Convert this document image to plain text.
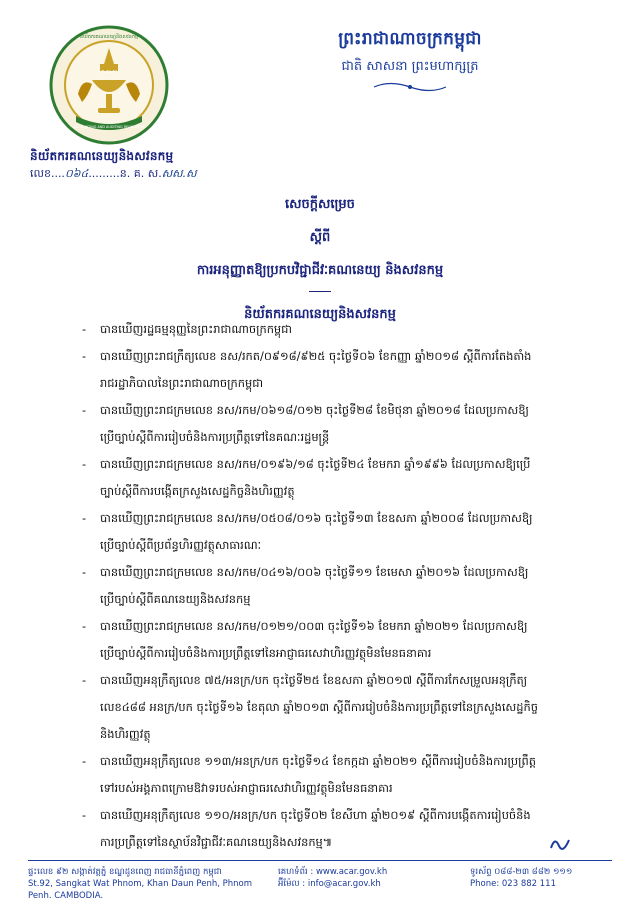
គ.ស.ស
ACCOUNTING AND AUDITING REGULATOR
និយ័តករគណនេយ្យនិងសវនកម្ម
និយ័តករគណនេយ្យនិងសវនកម្ម
លេខ....០៦៤.........ន. គ. ស.សស.ស
ព្រះរាជាណាចក្រកម្ពុជា
ជាតិ សាសនា ព្រះមហាក្សត្រ
សេចក្តីសម្រេច
ស្តីពី
ការអនុញ្ញាតឱ្យប្រកបវិជ្ជាជីវៈគណនេយ្យ និងសវនកម្ម
និយ័តករគណនេយ្យនិងសវនកម្ម
- បានឃើញរដ្ឋធម្មនុញ្ញនៃព្រះរាជាណាចក្រកម្ពុជា
- បានឃើញព្រះរាជក្រឹត្យលេខ នស/រកត/០៩១៨/៩២៥ ចុះថ្ងៃទី០៦ ខែកញ្ញា ឆ្នាំ២០១៨ ស្តីពីការតែងតាំង
រាជរដ្ឋាភិបាលនៃព្រះរាជាណាចក្រកម្ពុជា
- បានឃើញព្រះរាជក្រមលេខ នស/រកម/០៦១៨/០១២ ចុះថ្ងៃទី២៨ ខែមិថុនា ឆ្នាំ២០១៨ ដែលប្រកាសឱ្យ
ប្រើច្បាប់ស្តីពីការរៀបចំនិងការប្រព្រឹត្តទៅនៃគណៈរដ្ឋមន្ត្រី
- បានឃើញព្រះរាជក្រមលេខ នស/រកម/០១៩៦/១៨ ចុះថ្ងៃទី២៤ ខែមករា ឆ្នាំ១៩៩៦ ដែលប្រកាសឱ្យប្រើ
ច្បាប់ស្តីពីការបង្កើតក្រសួងសេដ្ឋកិច្ចនិងហិរញ្ញវត្ថុ
- បានឃើញព្រះរាជក្រមលេខ នស/រកម/០៥០៨/០១៦ ចុះថ្ងៃទី១៣ ខែឧសភា ឆ្នាំ២០០៨ ដែលប្រកាសឱ្យ
ប្រើច្បាប់ស្តីពីប្រព័ន្ធហិរញ្ញវត្ថុសាធារណៈ
- បានឃើញព្រះរាជក្រមលេខ នស/រកម/០៤១៦/០០៦ ចុះថ្ងៃទី១១ ខែមេសា ឆ្នាំ២០១៦ ដែលប្រកាសឱ្យ
ប្រើច្បាប់ស្តីពីគណនេយ្យនិងសវនកម្ម
- បានឃើញព្រះរាជក្រមលេខ នស/រកម/០១២១/០០៣ ចុះថ្ងៃទី១៦ ខែមករា ឆ្នាំ២០២១ ដែលប្រកាសឱ្យ
ប្រើច្បាប់ស្តីពីការរៀបចំនិងការប្រព្រឹត្តទៅនៃអាជ្ញាធរសេវាហិរញ្ញវត្ថុមិនមែនធនាគារ
- បានឃើញអនុក្រឹត្យលេខ ៧៥/អនក្រ/បក ចុះថ្ងៃទី២៥ ខែឧសភា ឆ្នាំ២០១៧ ស្តីពីការកែសម្រួលអនុក្រឹត្យ
លេខ៤៨៨ អនក្រ/បក ចុះថ្ងៃទី១៦ ខែតុលា ឆ្នាំ២០១៣ ស្តីពីការរៀបចំនិងការប្រព្រឹត្តទៅនៃក្រសួងសេដ្ឋកិច្ច
និងហិរញ្ញវត្ថុ
- បានឃើញអនុក្រឹត្យលេខ ១១៣/អនក្រ/បក ចុះថ្ងៃទី១៤ ខែកក្កដា ឆ្នាំ២០២១ ស្តីពីការរៀបចំនិងការប្រព្រឹត្ត
ទៅរបស់អង្គភាពក្រោមឱវាទរបស់អាជ្ញាធរសេវាហិរញ្ញវត្ថុមិនមែនធនាគារ
- បានឃើញអនុក្រឹត្យលេខ ១១០/អនក្រ/បក ចុះថ្ងៃទី០២ ខែសីហា ឆ្នាំ២០១៩ ស្តីពីការបង្កើតការរៀបចំនិង
ការប្រព្រឹត្តទៅនៃស្ថាប័នវិជ្ជាជីវៈគណនេយ្យនិងសវនកម្ម៕
ផ្ទះលេខ ៩២ សង្កាត់វត្តភ្នំ ខណ្ឌដូនពេញ រាជធានីភ្នំពេញ កម្ពុជា
St.92, Sangkat Wat Phnom, Khan Daun Penh, Phnom Penh. CAMBODIA.
គេហទំព័រ : www.acar.gov.kh
អ៊ីម៉ែល : info@acar.gov.kh
ទូរស័ព្ទ ០៨៨-២៣ ៨៨២ ១១១
Phone: 023 882 111
